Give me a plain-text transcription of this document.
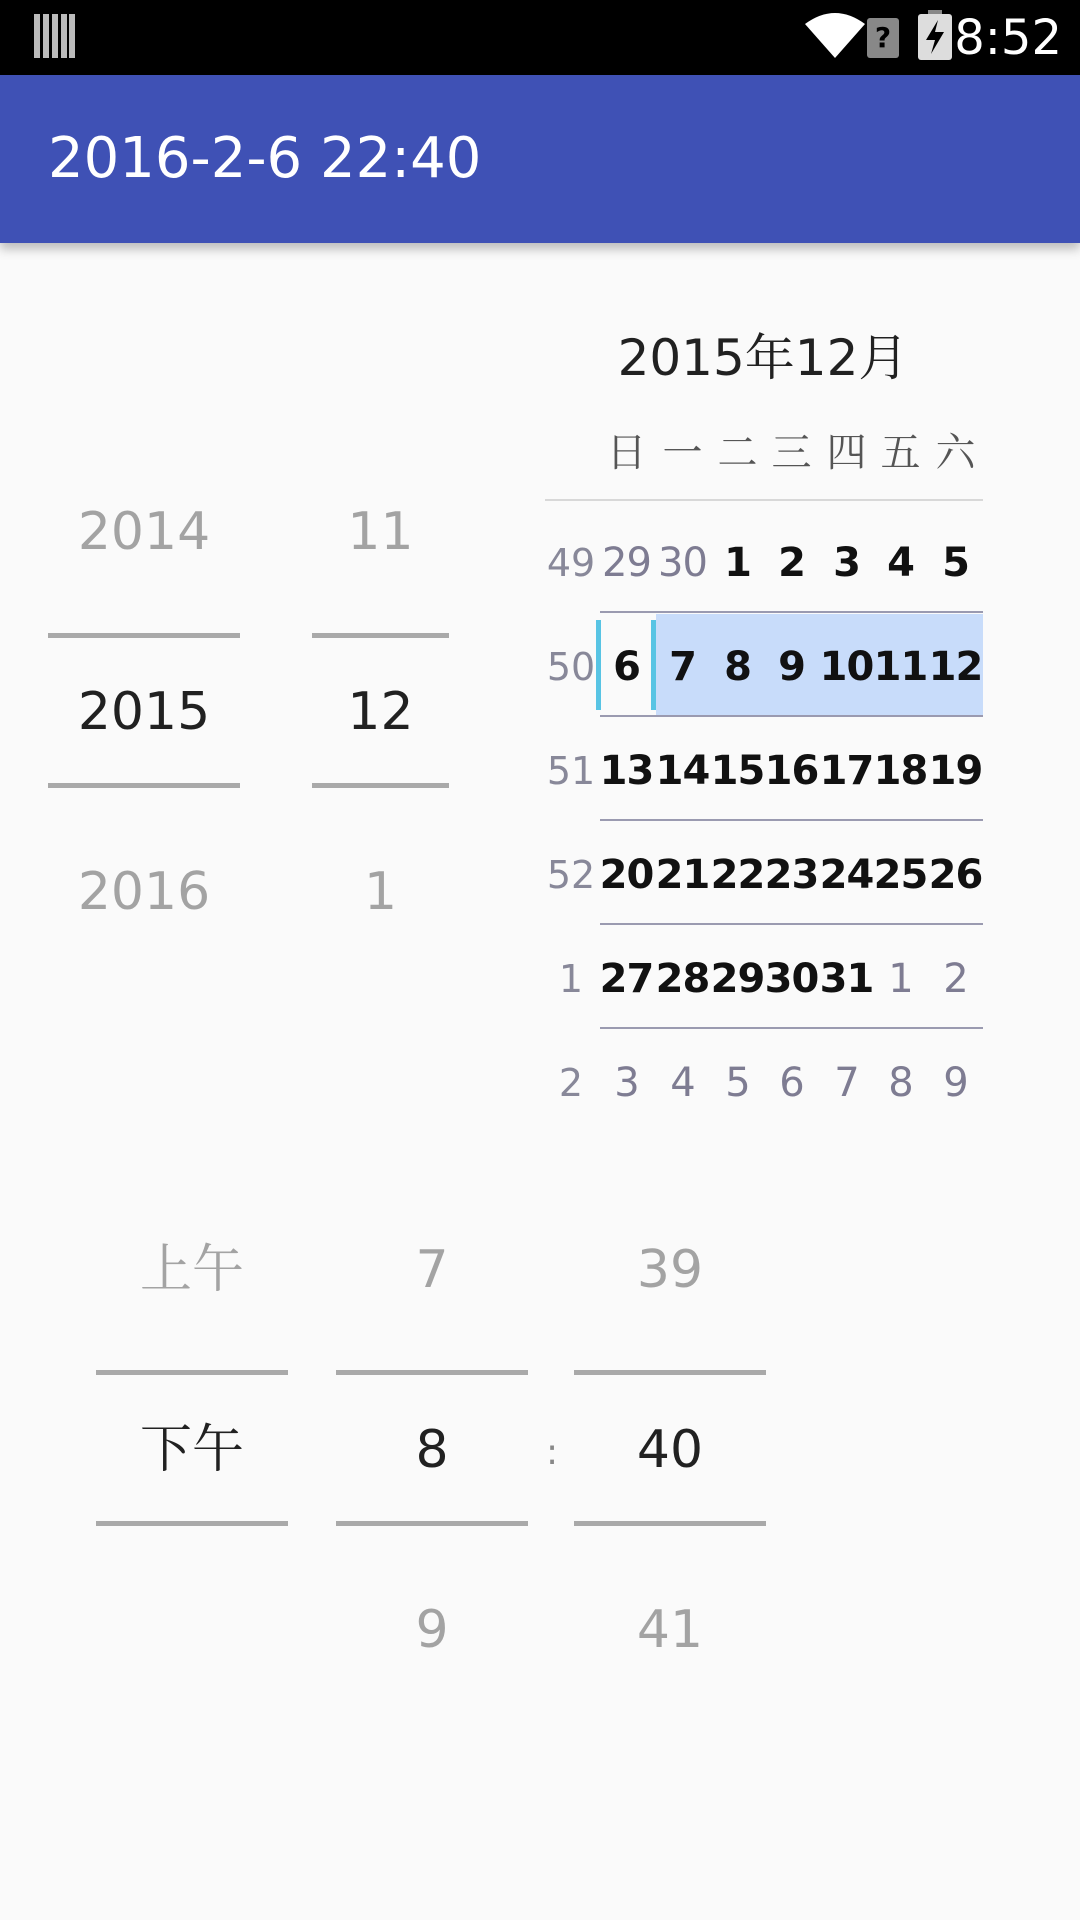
? 8:52
2016-2-6 22:40
2014
2015
2016
11
12
1
2015年12月
日 一 二 三 四 五 六
49 29 30 1 2 3 4 5
50 6 7 8 9 10 11 12
51 13 14 15 16 17 18 19
52 20 21 22 23 24 25 26
1 27 28 29 30 31 1 2
2 3 4 5 6 7 8 9
上午
下午
7
8
9
:
39
40
41
